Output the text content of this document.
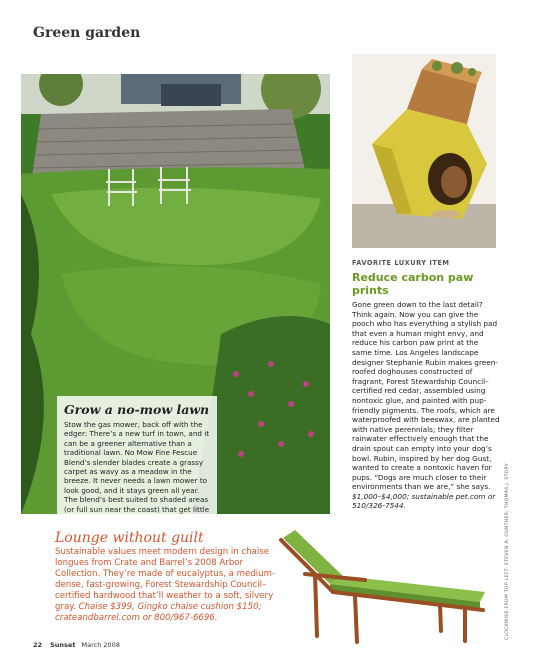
Green garden
Grow a no-mow lawn
Stow the gas mower, back off with the edger: There’s a new turf in town, and it can be a greener alternative than a traditional lawn. No Mow Fine Fescue Blend’s slender blades create a grassy carpet as wavy as a meadow in the breeze. It never needs a lawn mower to look good, and it stays green all year. The blend’s best suited to shaded areas (or full sun near the coast) that get little
FAVORITE LUXURY ITEM
Reduce carbon paw prints
Gone green down to the last detail? Think again. Now you can give the pooch who has everything a stylish pad that even a human might envy, and reduce his carbon paw print at the same time. Los Angeles landscape designer Stephanie Rubin makes green-roofed doghouses constructed of fragrant, Forest Stewardship Council–certified red cedar, assembled using nontoxic glue, and painted with pup-friendly pigments. The roofs, which are waterproofed with beeswax, are planted with native perennials; they filter rainwater effectively enough that the drain spout can empty into your dog’s bowl. Rubin, inspired by her dog Gust, wanted to create a nontoxic haven for pups. “Dogs are much closer to their environments than we are,” she says. $1,000–$4,000; sustainable pet.com or 510/326-7544.	CLOCKWISE FROM TOP LEFT: STEVEN A. GUNTHER; THOMAS J. STORY
Lounge without guilt
Sustainable values meet modern design in chaise longues from Crate and Barrel’s 2008 Arbor Collection. They’re made of eucalyptus, a medium-dense, fast-growing, Forest Stewardship Council–certified hardwood that’ll weather to a soft, silvery gray. Chaise $399, Gingko chaise cushion $150; crateandbarrel.com or 800/967-6696.
22 Sunset March 2008
